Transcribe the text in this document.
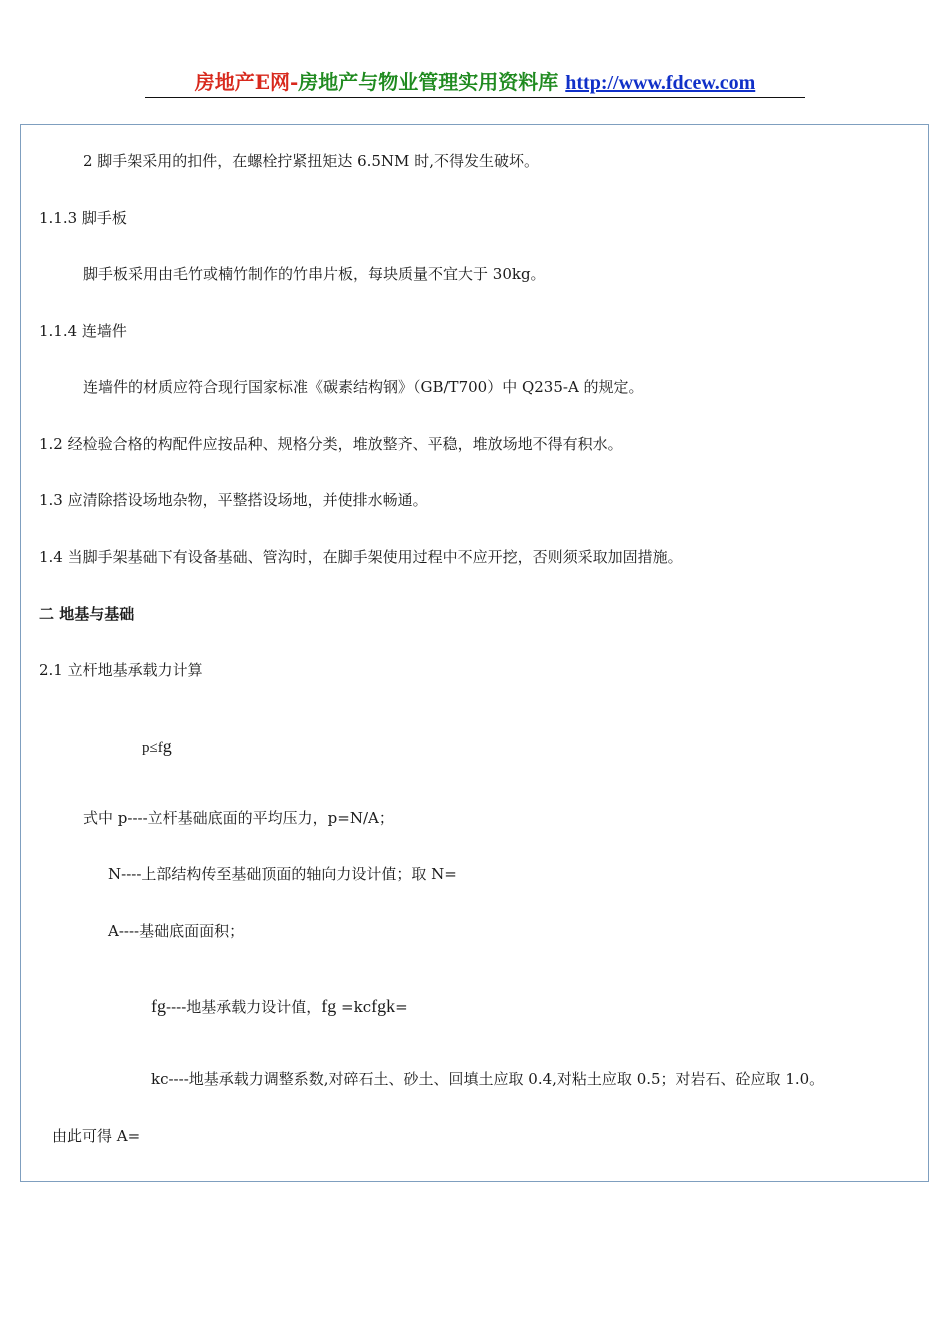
房地产E网-房地产与物业管理实用资料库 http://www.fdcew.com
2 脚手架采用的扣件，在螺栓拧紧扭矩达 6.5NM 时,不得发生破坏。
1.1.3 脚手板
脚手板采用由毛竹或楠竹制作的竹串片板，每块质量不宜大于 30kg。
1.1.4 连墙件
连墙件的材质应符合现行国家标准《碳素结构钢》（GB/T700）中 Q235-A 的规定。
1.2 经检验合格的构配件应按品种、规格分类，堆放整齐、平稳，堆放场地不得有积水。
1.3 应清除搭设场地杂物，平整搭设场地，并使排水畅通。
1.4 当脚手架基础下有设备基础、管沟时，在脚手架使用过程中不应开挖，否则须采取加固措施。
二 地基与基础
2.1 立杆地基承载力计算
p≤fg
式中 p----立杆基础底面的平均压力，p=N/A；
N----上部结构传至基础顶面的轴向力设计值；取 N=
A----基础底面面积；
fg----地基承载力设计值，fg =kcfgk=
kc----地基承载力调整系数,对碎石土、砂土、回填土应取 0.4,对粘土应取 0.5；对岩石、砼应取 1.0。
由此可得 A=
